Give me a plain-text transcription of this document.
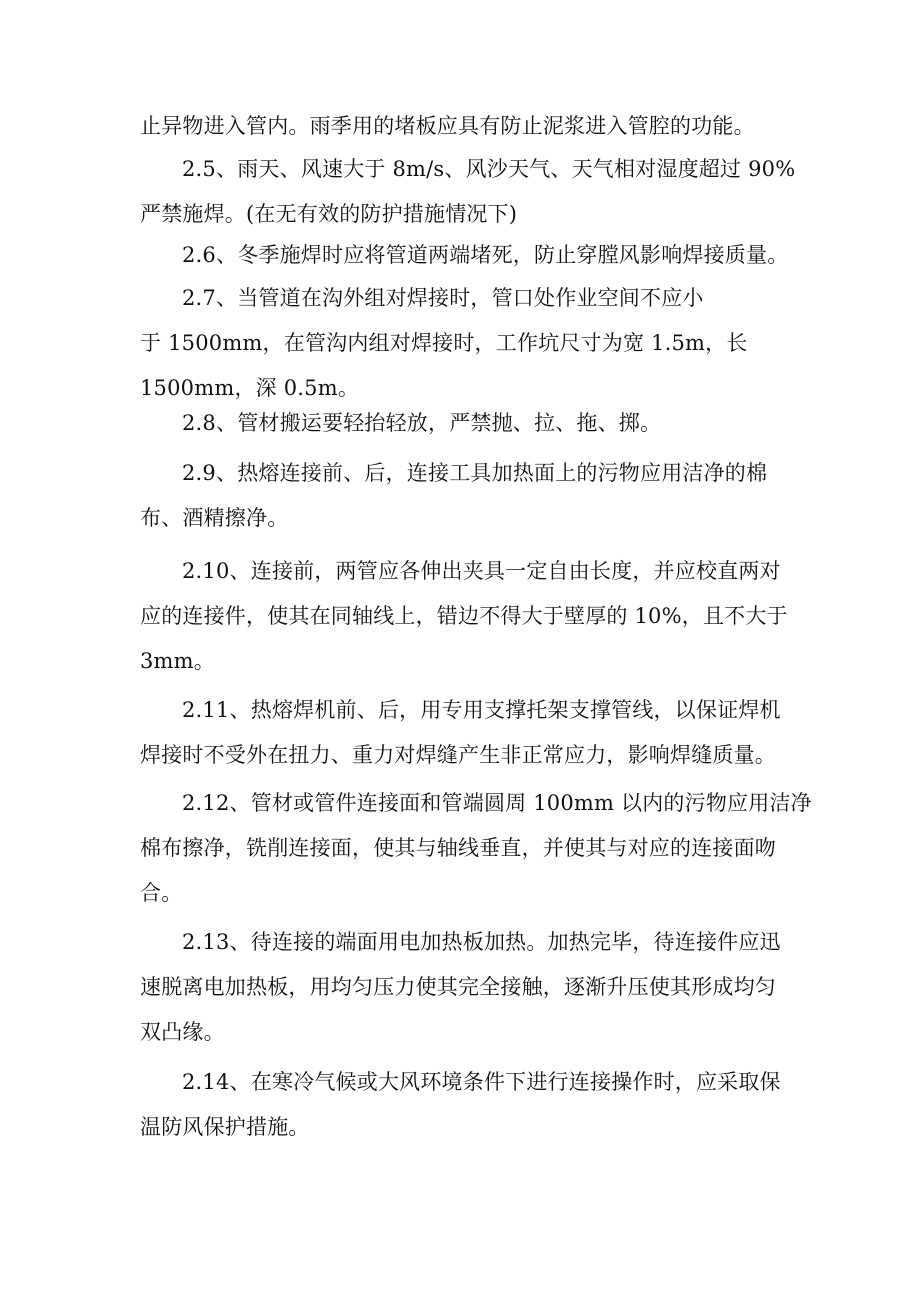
止异物进入管内。雨季用的堵板应具有防止泥浆进入管腔的功能。
2.5、雨天、风速大于 8m/s、风沙天气、天气相对湿度超过 90%
严禁施焊。(在无有效的防护措施情况下)
2.6、冬季施焊时应将管道两端堵死，防止穿膛风影响焊接质量。
2.7、当管道在沟外组对焊接时，管口处作业空间不应小
于 1500mm，在管沟内组对焊接时，工作坑尺寸为宽 1.5m，长
1500mm，深 0.5m。
2.8、管材搬运要轻抬轻放，严禁抛、拉、拖、掷。
2.9、热熔连接前、后，连接工具加热面上的污物应用洁净的棉
布、酒精擦净。
2.10、连接前，两管应各伸出夹具一定自由长度，并应校直两对
应的连接件，使其在同轴线上，错边不得大于壁厚的 10%，且不大于
3mm。
2.11、热熔焊机前、后，用专用支撑托架支撑管线，以保证焊机
焊接时不受外在扭力、重力对焊缝产生非正常应力，影响焊缝质量。
2.12、管材或管件连接面和管端圆周 100mm 以内的污物应用洁净
棉布擦净，铣削连接面，使其与轴线垂直，并使其与对应的连接面吻
合。
2.13、待连接的端面用电加热板加热。加热完毕，待连接件应迅
速脱离电加热板，用均匀压力使其完全接触，逐渐升压使其形成均匀
双凸缘。
2.14、在寒冷气候或大风环境条件下进行连接操作时，应采取保
温防风保护措施。
